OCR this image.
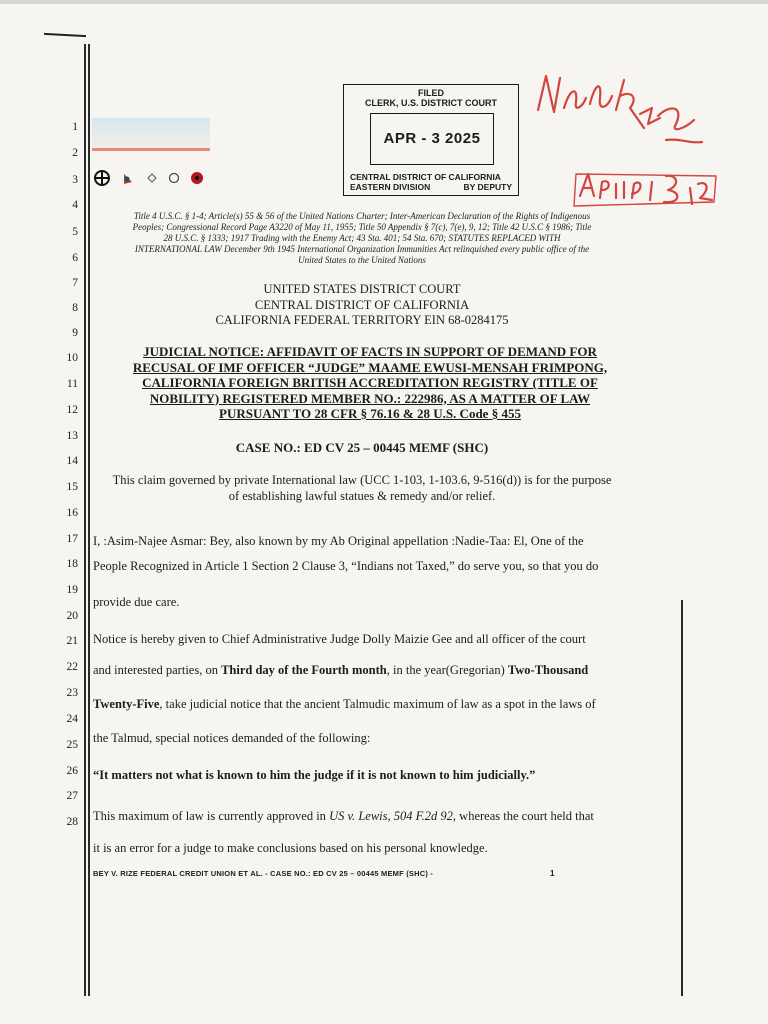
1
2
3
4
5
6
7
8
9
10
11
12
13
14
15
16
17
18
19
20
21
22
23
24
25
26
27
28
FILED
CLERK, U.S. DISTRICT COURT
APR - 3 2025
CENTRAL DISTRICT OF CALIFORNIA
EASTERN DIVISION	BY DEPUTY
Title 4 U.S.C. § 1-4; Article(s) 55 & 56 of the United Nations Charter; Inter-American Declaration of the Rights of Indigenous
Peoples; Congressional Record Page A3220 of May 11, 1955; Title 50 Appendix § 7(c), 7(e), 9, 12; Title 42 U.S.C § 1986; Title
28 U.S.C. § 1333; 1917 Trading with the Enemy Act; 43 Sta. 401; 54 Sta. 670; STATUTES REPLACED WITH
INTERNATIONAL LAW December 9th 1945 International Organization Immunities Act relinquished every public office of the
United States to the United Nations
UNITED STATES DISTRICT COURT
CENTRAL DISTRICT OF CALIFORNIA
CALIFORNIA FEDERAL TERRITORY EIN 68-0284175
JUDICIAL NOTICE: AFFIDAVIT OF FACTS IN SUPPORT OF DEMAND FOR
RECUSAL OF IMF OFFICER “JUDGE” MAAME EWUSI-MENSAH FRIMPONG,
CALIFORNIA FOREIGN BRITISH ACCREDITATION REGISTRY (TITLE OF
NOBILITY) REGISTERED MEMBER NO.: 222986, AS A MATTER OF LAW
PURSUANT TO 28 CFR § 76.16 & 28 U.S. Code § 455
CASE NO.: ED CV 25 – 00445 MEMF (SHC)
This claim governed by private International law (UCC 1-103, 1-103.6, 9-516(d)) is for the purpose
of establishing lawful statues & remedy and/or relief.
I, :Asim-Najee Asmar: Bey, also known by my Ab Original appellation :Nadie-Taa: El, One of the
People Recognized in Article 1 Section 2 Clause 3, “Indians not Taxed,” do serve you, so that you do
provide due care.
Notice is hereby given to Chief Administrative Judge Dolly Maizie Gee and all officer of the court
and interested parties, on Third day of the Fourth month, in the year(Gregorian) Two-Thousand
Twenty-Five, take judicial notice that the ancient Talmudic maximum of law as a spot in the laws of
the Talmud, special notices demanded of the following:
“It matters not what is known to him the judge if it is not known to him judicially.”
This maximum of law is currently approved in US v. Lewis, 504 F.2d 92, whereas the court held that
it is an error for a judge to make conclusions based on his personal knowledge.
BEY V. RIZE FEDERAL CREDIT UNION ET AL. - CASE NO.: ED CV 25 – 00445 MEMF (SHC) -	1
